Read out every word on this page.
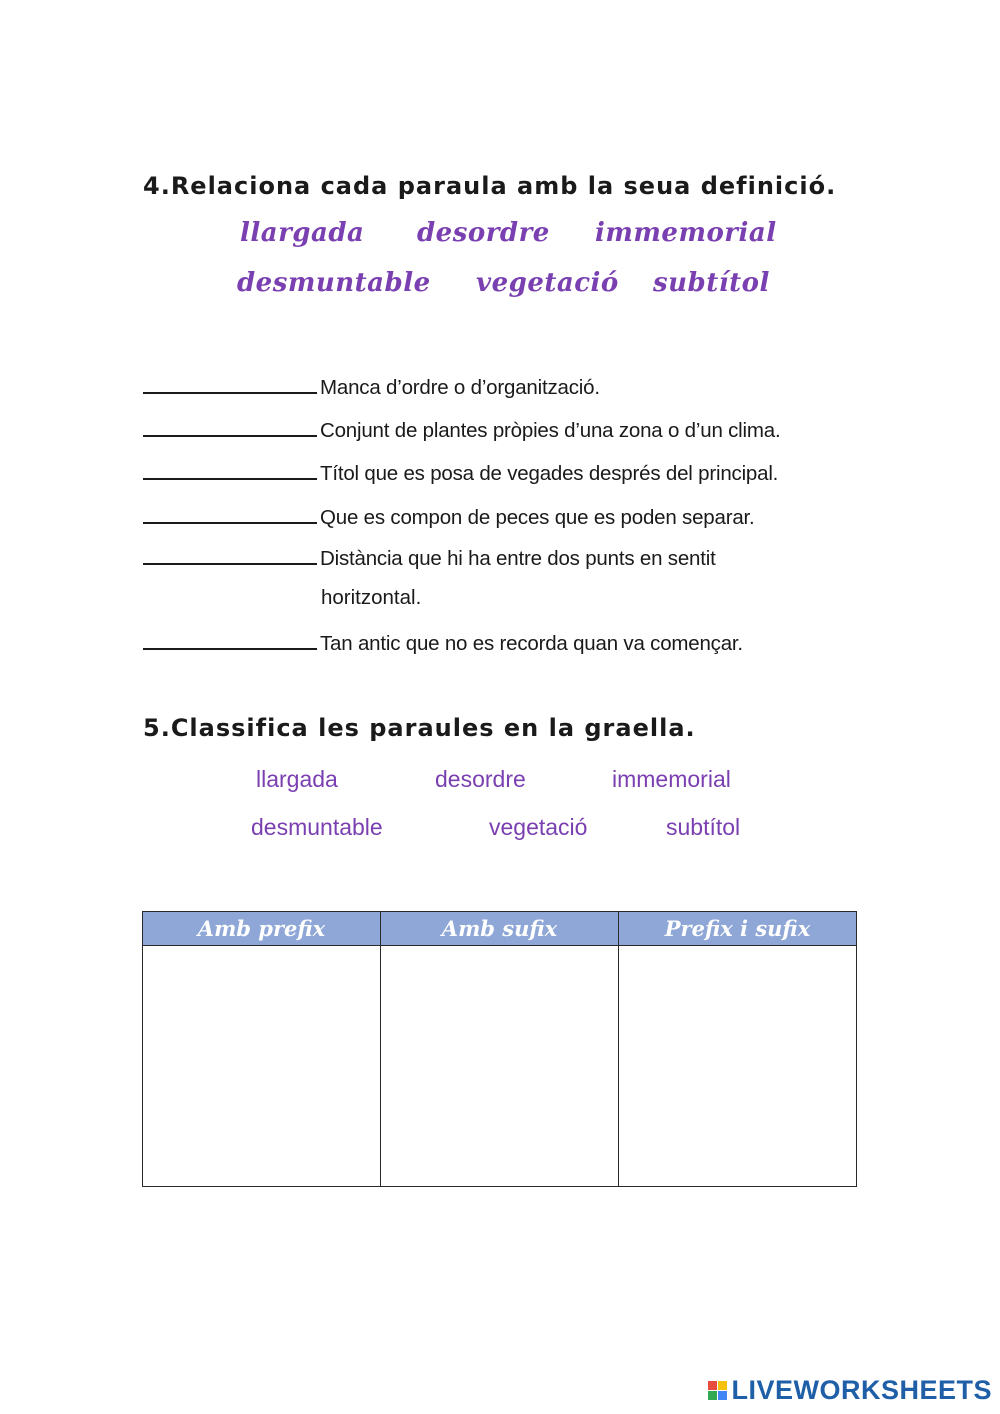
4.Relaciona cada paraula amb la seua definició.
llargada desordre immemorial
desmuntable vegetació subtítol
Manca d’ordre o d’organització.
Conjunt de plantes pròpies d’una zona o d’un clima.
Títol que es posa de vegades després del principal.
Que es compon de peces que es poden separar.
Distància que hi ha entre dos punts en sentit
horitzontal.
Tan antic que no es recorda quan va començar.
5.Classifica les paraules en la graella.
llargada	desordre	immemorial
desmuntable	vegetació	subtítol
Amb prefix	Amb sufix	Prefix i sufix

LIVEWORKSHEETS
